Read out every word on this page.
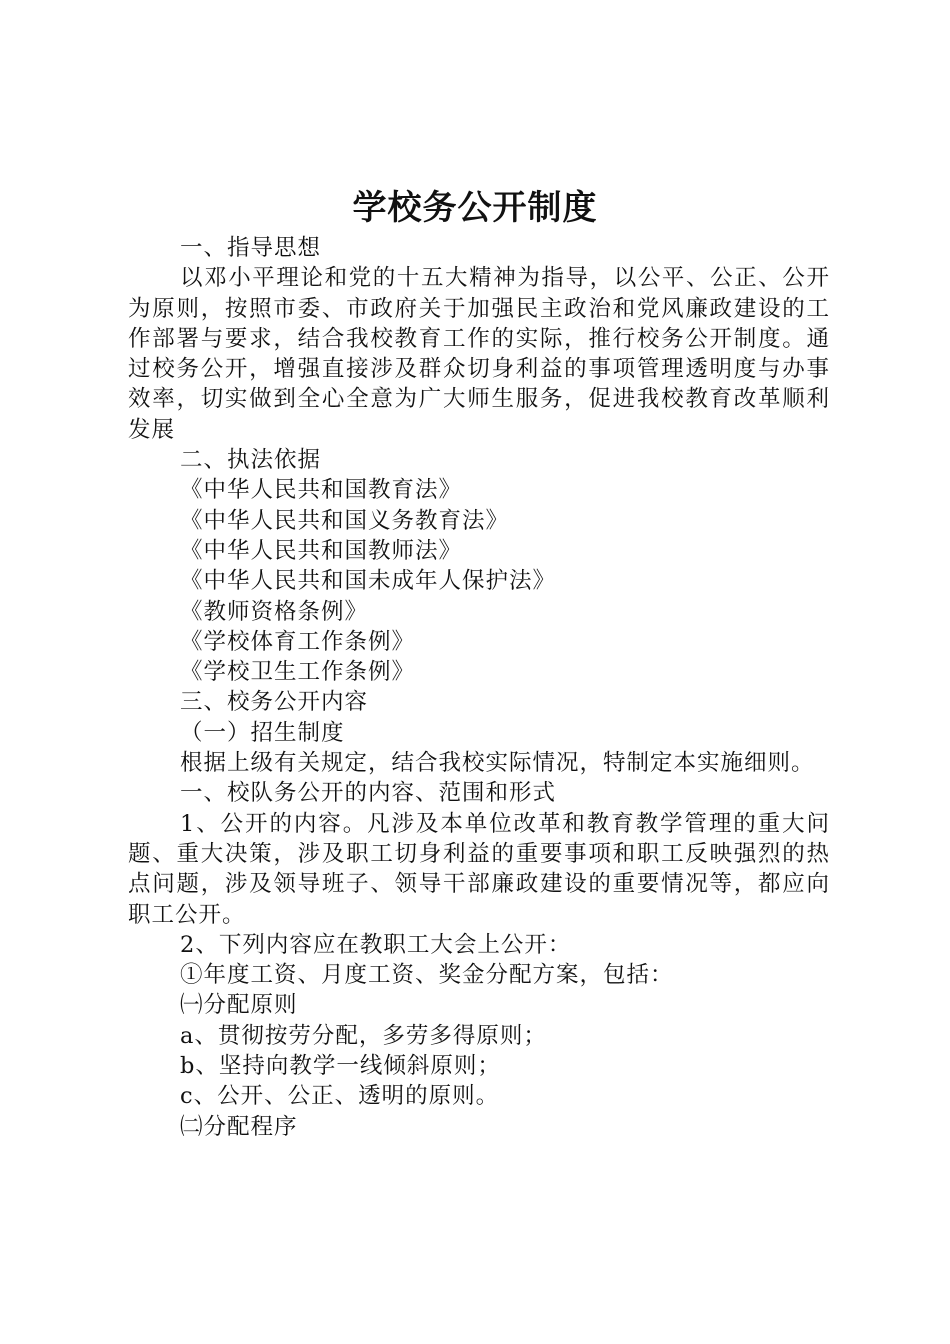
学校务公开制度

一、指导思想

以邓小平理论和党的十五大精神为指导，以公平、公正、公开为原则，按照市委、市政府关于加强民主政治和党风廉政建设的工作部署与要求，结合我校教育工作的实际，推行校务公开制度。通过校务公开，增强直接涉及群众切身利益的事项管理透明度与办事效率，切实做到全心全意为广大师生服务，促进我校教育改革顺利发展

二、执法依据

《中华人民共和国教育法》

《中华人民共和国义务教育法》

《中华人民共和国教师法》

《中华人民共和国未成年人保护法》

《教师资格条例》

《学校体育工作条例》

《学校卫生工作条例》

三、校务公开内容

（一）招生制度

根据上级有关规定，结合我校实际情况，特制定本实施细则。

一、校队务公开的内容、范围和形式

1、公开的内容。凡涉及本单位改革和教育教学管理的重大问题、重大决策，涉及职工切身利益的重要事项和职工反映强烈的热点问题，涉及领导班子、领导干部廉政建设的重要情况等，都应向职工公开。

2、下列内容应在教职工大会上公开：

①年度工资、月度工资、奖金分配方案，包括：

㈠分配原则

a、贯彻按劳分配，多劳多得原则；

b、坚持向教学一线倾斜原则；

c、公开、公正、透明的原则。

㈡分配程序
